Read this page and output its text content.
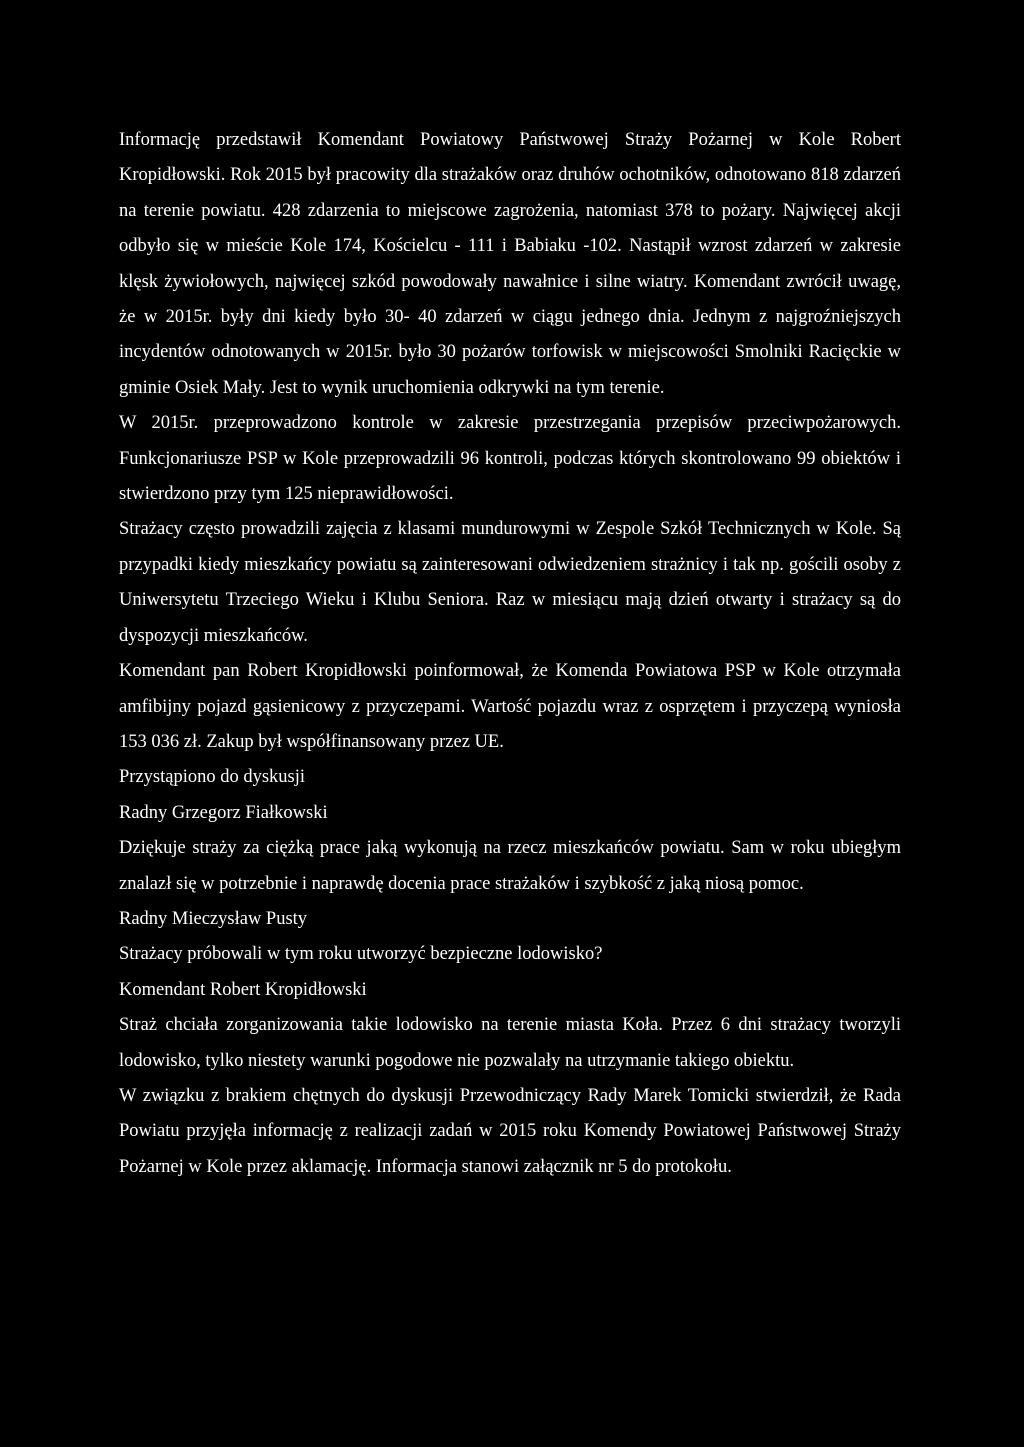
Informację przedstawił Komendant Powiatowy Państwowej Straży Pożarnej w Kole Robert Kropidłowski. Rok 2015 był pracowity dla strażaków oraz druhów ochotników, odnotowano 818 zdarzeń na terenie powiatu. 428 zdarzenia to miejscowe zagrożenia, natomiast 378 to pożary. Najwięcej akcji odbyło się w mieście Kole 174, Kościelcu - 111 i Babiaku -102. Nastąpił wzrost zdarzeń w zakresie klęsk żywiołowych, najwięcej szkód powodowały nawałnice i silne wiatry. Komendant zwrócił uwagę, że w 2015r. były dni kiedy było 30- 40 zdarzeń w ciągu jednego dnia. Jednym z najgroźniejszych incydentów odnotowanych w 2015r. było 30 pożarów torfowisk w miejscowości Smolniki Racięckie w gminie Osiek Mały. Jest to wynik uruchomienia odkrywki na tym terenie.

W 2015r. przeprowadzono kontrole w zakresie przestrzegania przepisów przeciwpożarowych. Funkcjonariusze PSP w Kole przeprowadzili 96 kontroli, podczas których skontrolowano 99 obiektów i stwierdzono przy tym 125 nieprawidłowości.

Strażacy często prowadzili zajęcia z klasami mundurowymi w Zespole Szkół Technicznych w Kole. Są przypadki kiedy mieszkańcy powiatu są zainteresowani odwiedzeniem strażnicy i tak np. gościli osoby z Uniwersytetu Trzeciego Wieku i Klubu Seniora. Raz w miesiącu mają dzień otwarty i strażacy są do dyspozycji mieszkańców.

Komendant pan Robert Kropidłowski poinformował, że Komenda Powiatowa PSP w Kole otrzymała amfibijny pojazd gąsienicowy z przyczepami. Wartość pojazdu wraz z osprzętem i przyczepą wyniosła 153 036 zł. Zakup był współfinansowany przez UE.

Przystąpiono do dyskusji

Radny Grzegorz Fiałkowski

Dziękuje straży za ciężką prace jaką wykonują na rzecz mieszkańców powiatu. Sam w roku ubiegłym znalazł się w potrzebnie i naprawdę docenia prace strażaków i szybkość z jaką niosą pomoc.

Radny Mieczysław Pusty

Strażacy próbowali w tym roku utworzyć bezpieczne lodowisko?

Komendant Robert Kropidłowski

Straż chciała zorganizowania takie lodowisko na terenie miasta Koła. Przez 6 dni strażacy tworzyli lodowisko, tylko niestety warunki pogodowe nie pozwalały na utrzymanie takiego obiektu.

W związku z brakiem chętnych do dyskusji Przewodniczący Rady Marek Tomicki stwierdził, że Rada Powiatu przyjęła informację z realizacji zadań w 2015 roku Komendy Powiatowej Państwowej Straży Pożarnej w Kole przez aklamację. Informacja stanowi załącznik nr 5 do protokołu.
